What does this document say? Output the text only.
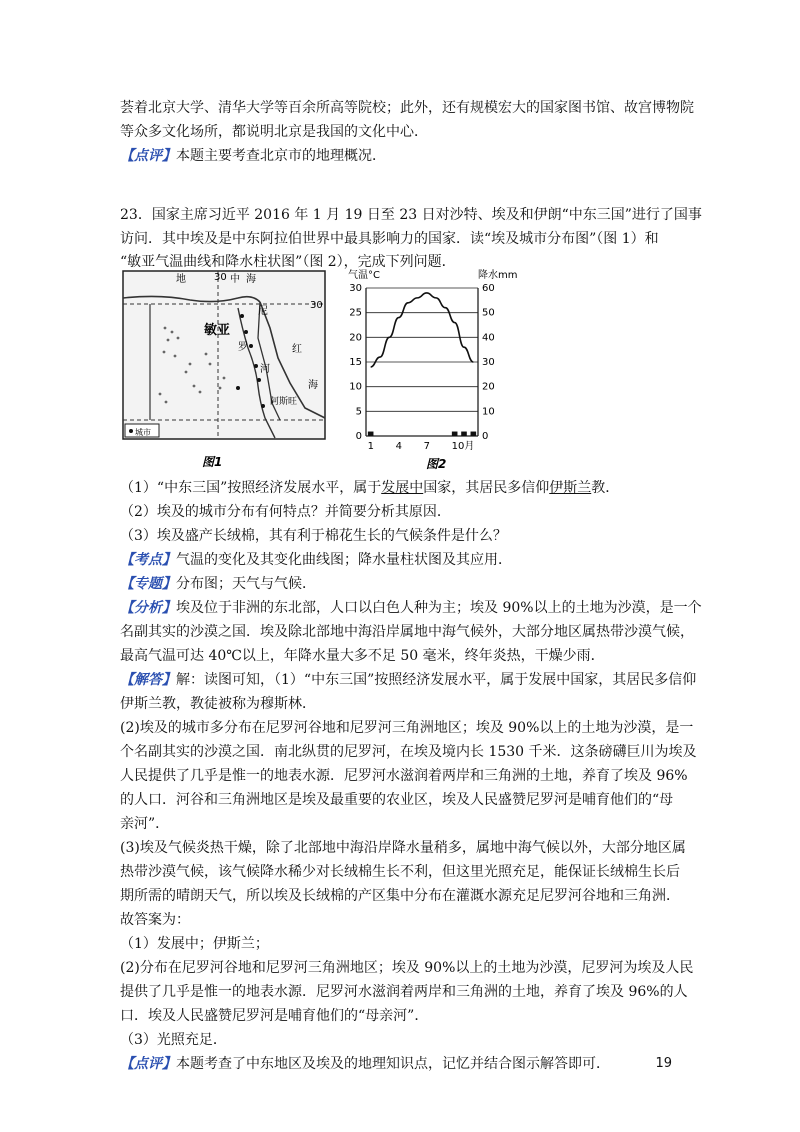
荟着北京大学、清华大学等百余所高等院校；此外，还有规模宏大的国家图书馆、故宫博物院
等众多文化场所，都说明北京是我国的文化中心．
【点评】本题主要考查北京市的地理概况．
23．国家主席习近平 2016 年 1 月 19 日至 23 日对沙特、埃及和伊朗“中东三国”进行了国事
访问．其中埃及是中东阿拉伯世界中最具影响力的国家．读“埃及城市分布图”（图 1）和
“敏亚气温曲线和降水柱状图”（图 2），完成下列问题．
地	30 中 海
30
敏亚
尼
罗
河
红
海
阿斯旺
城市
图1
气温°C	降水mm
30
25
20
15
10
5
0
60
50
40
30
20
10
0
1 4 7 10月
图2
（1）“中东三国”按照经济发展水平，属于发展中国家，其居民多信仰伊斯兰教．
（2）埃及的城市分布有何特点？并简要分析其原因．
（3）埃及盛产长绒棉，其有利于棉花生长的气候条件是什么？
【考点】气温的变化及其变化曲线图；降水量柱状图及其应用．
【专题】分布图；天气与气候．
【分析】埃及位于非洲的东北部，人口以白色人种为主；埃及 90%以上的土地为沙漠，是一个
名副其实的沙漠之国．埃及除北部地中海沿岸属地中海气候外，大部分地区属热带沙漠气候，
最高气温可达 40℃以上，年降水量大多不足 50 毫米，终年炎热，干燥少雨．
【解答】解：读图可知，（1）“中东三国”按照经济发展水平，属于发展中国家，其居民多信仰
伊斯兰教，教徒被称为穆斯林．
(2)埃及的城市多分布在尼罗河谷地和尼罗河三角洲地区；埃及 90%以上的土地为沙漠，是一
个名副其实的沙漠之国．南北纵贯的尼罗河，在埃及境内长 1530 千米．这条磅礴巨川为埃及
人民提供了几乎是惟一的地表水源．尼罗河水滋润着两岸和三角洲的土地，养育了埃及 96%
的人口．河谷和三角洲地区是埃及最重要的农业区，埃及人民盛赞尼罗河是哺育他们的“母
亲河”．
(3)埃及气候炎热干燥，除了北部地中海沿岸降水量稍多，属地中海气候以外，大部分地区属
热带沙漠气候，该气候降水稀少对长绒棉生长不利，但这里光照充足，能保证长绒棉生长后
期所需的晴朗天气，所以埃及长绒棉的产区集中分布在灌溉水源充足尼罗河谷地和三角洲．
故答案为：
（1）发展中；伊斯兰；
(2)分布在尼罗河谷地和尼罗河三角洲地区；埃及 90%以上的土地为沙漠，尼罗河为埃及人民
提供了几乎是惟一的地表水源．尼罗河水滋润着两岸和三角洲的土地，养育了埃及 96%的人
口．埃及人民盛赞尼罗河是哺育他们的“母亲河”．
（3）光照充足．
【点评】本题考查了中东地区及埃及的地理知识点，记忆并结合图示解答即可．	19
